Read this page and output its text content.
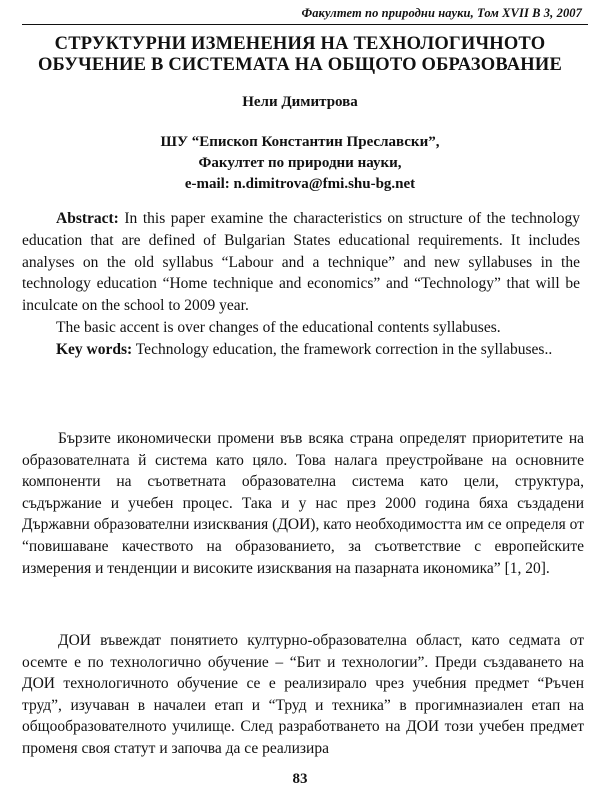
Факултет по природни науки, Том XVII В 3, 2007
СТРУКТУРНИ ИЗМЕНЕНИЯ НА ТЕХНОЛОГИЧНОТО
ОБУЧЕНИЕ В СИСТЕМАТА НА ОБЩОТО ОБРАЗОВАНИЕ
Нели Димитрова
ШУ “Епископ Константин Преславски”,
Факултет по природни науки,
e-mail: n.dimitrova@fmi.shu-bg.net

Abstract: In this paper examine the characteristics on structure of the technology education that are defined of Bulgarian States educational requirements. It includes analyses on the old syllabus “Labour and a technique” and new syllabuses in the technology education “Home technique and economics” and “Technology” that will be inculcate on the school to 2009 year.

The basic accent is over changes of the educational contents syllabuses.

Key words: Technology education, the framework correction in the syllabuses..

Бързите икономически промени във всяка страна определят приоритетите на образователната й система като цяло. Това налага преустройване на основните компоненти на съответната образователна система като цели, структура, съдържание и учебен процес. Така и у нас през 2000 година бяха създадени Държавни образователни изисквания (ДОИ), като необходимостта им се определя от “повишаване качеството на образованието, за съответствие с европейските измерения и тенденции и високите изисквания на пазарната икономика” [1, 20].

ДОИ въвеждат понятието културно-образователна област, като седмата от осемте е по технологично обучение – “Бит и технологии”. Преди създаването на ДОИ технологичното обучение се е реализирало чрез учебния предмет “Ръчен труд”, изучаван в началеи етап и “Труд и техника” в прогимназиален етап на общообразователното училище. След разработването на ДОИ този учебен предмет променя своя статут и започва да се реализира

83
